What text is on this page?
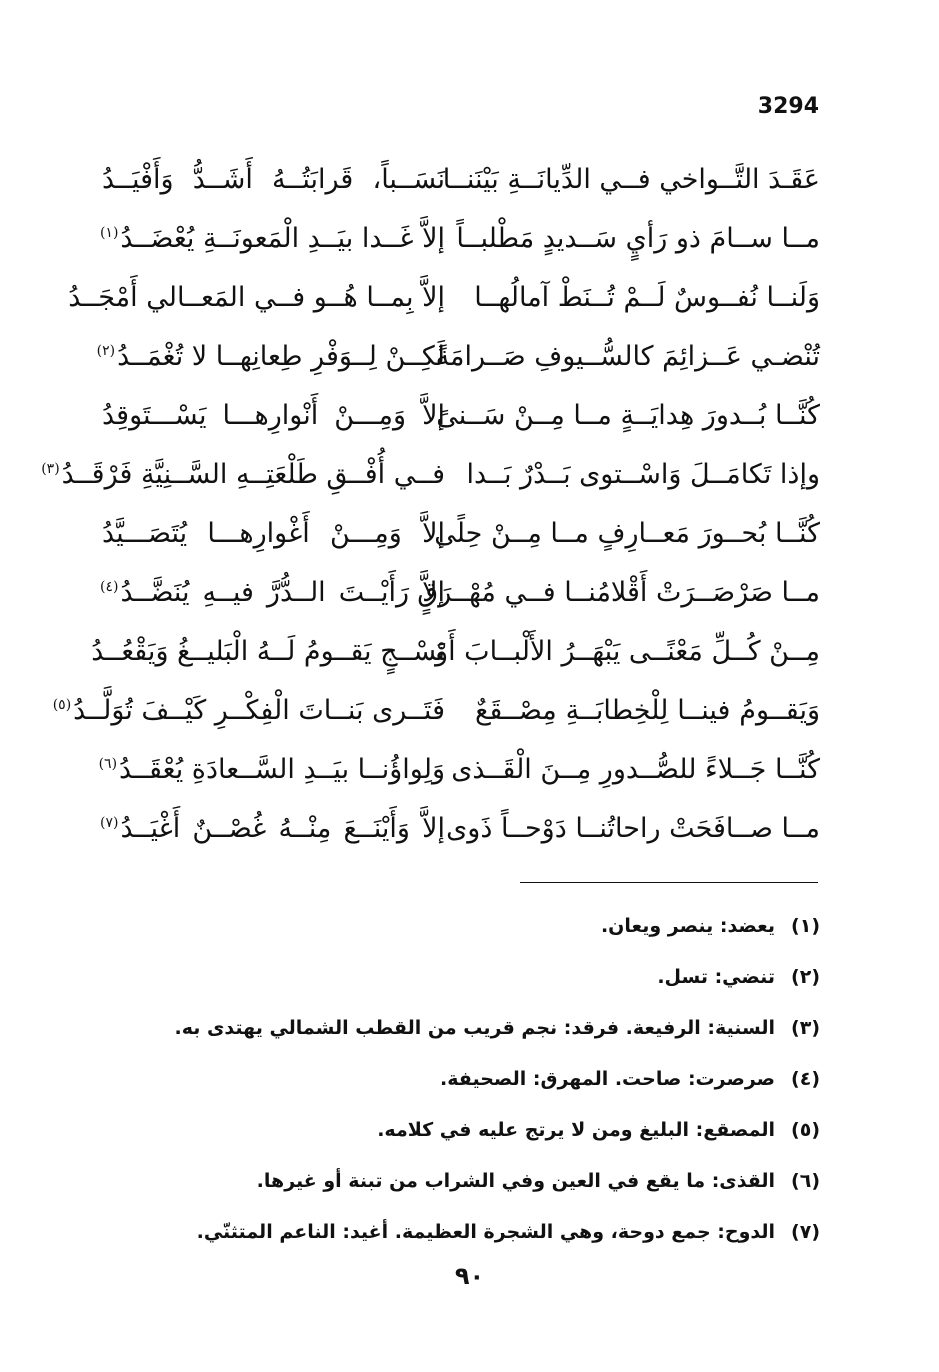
3294
عَقَـدَ التَّــواخي فــي الدِّيانَــةِ بَيْنَنــا
نَسَــباً، قَرابَتُــهُ أَشَــدُّ وَأَفْيَــدُ
مــا ســامَ ذو رَأيٍ سَــديدٍ مَطْلبــاً
إلاَّ غَــدا بيَــدِ الْمَعونَــةِ يُعْضَــدُ$^{(١)}$
وَلَنــا نُفــوسٌ لَــمْ تُــنَطْ آمالُهــا
إلاَّ بِمــا هُــو فــي المَعــالي أَمْجَــدُ
تُنْضـي عَــزائِمَ كالسُّــيوفِ صَــرامَةً
لَكِــنْ لِــوَفْرِ طِعانِهــا لا تُغْمَــدُ$^{(٢)}$
كُنَّــا بُــدورَ هِدايَــةٍ مــا مِــنْ سَــنىً
إلاَّ وَمِـــنْ أَنْوارِهـــا يَسْـــتَوقِدُ
وإذا تَكامَــلَ وَاسْــتوى بَــدْرٌ بَــدا
فــي أُفْــقِ طَلْعَتِــهِ السَّــنِيَّةِ فَرْقَــدُ$^{(٣)}$
كُنَّــا بُحــورَ مَعــارِفٍ مــا مِــنْ حِلًى
إلاَّ وَمِـــنْ أَغْوارِهـــا يُتَصَـــيَّدُ
مــا صَرْصَــرَتْ أَقْلامُنــا فــي مُهْــرَقٍ
إلاَّ رَأَيْــتَ الــدُّرَّ فيــهِ يُنَضَّــدُ$^{(٤)}$
مِــنْ كُــلِّ مَعْنًــى يَبْهَــرُ الأَلْبــابَ أَوْ
نَسْــجٍ يَقــومُ لَــهُ الْبَليــغُ وَيَقْعُــدُ
وَيَقــومُ فينــا لِلْخِطابَــةِ مِصْــقَعٌ
فَتَــرى بَنــاتَ الْفِكْــرِ كَيْــفَ تُوَلَّــدُ$^{(٥)}$
كُنَّــا جَــلاءً للصُّــدورِ مِــنَ الْقَــذى
وَلِواؤُنــا بيَــدِ السَّــعادَةِ يُعْقَــدُ$^{(٦)}$
مــا صــافَحَتْ راحاتُنــا دَوْحــاً ذَوى
إلاَّ وَأَيْنَــعَ مِنْــهُ غُصْــنٌ أَغْيَــدُ$^{(٧)}$
(١)
يعضد: ينصر ويعان.
(٢)
تنضي: تسل.
(٣)
السنية: الرفيعة. فرقد: نجم قريب من القطب الشمالي يهتدى به.
(٤)
صرصرت: صاحت. المهرق: الصحيفة.
(٥)
المصقع: البليغ ومن لا يرتج عليه في كلامه.
(٦)
القذى: ما يقع في العين وفي الشراب من تبنة أو غيرها.
(٧)
الدوح: جمع دوحة، وهي الشجرة العظيمة. أغيد: الناعم المتثنّي.
٩٠
